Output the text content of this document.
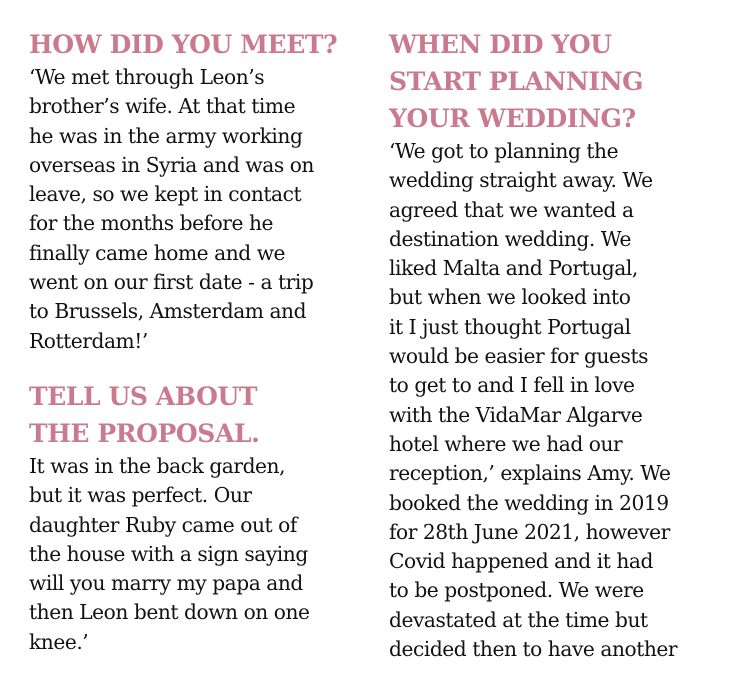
HOW DID YOU MEET?

‘We met through Leon’s
brother’s wife. At that time
he was in the army working
overseas in Syria and was on
leave, so we kept in contact
for the months before he
finally came home and we
went on our first date - a trip
to Brussels, Amsterdam and
Rotterdam!’

TELL US ABOUT
THE PROPOSAL.

It was in the back garden,
but it was perfect. Our
daughter Ruby came out of
the house with a sign saying
will you marry my papa and
then Leon bent down on one
knee.’

WHEN DID YOU
START PLANNING
YOUR WEDDING?

‘We got to planning the
wedding straight away. We
agreed that we wanted a
destination wedding. We
liked Malta and Portugal,
but when we looked into
it I just thought Portugal
would be easier for guests
to get to and I fell in love
with the VidaMar Algarve
hotel where we had our
reception,’ explains Amy. We
booked the wedding in 2019
for 28th June 2021, however
Covid happened and it had
to be postponed. We were
devastated at the time but
decided then to have another
